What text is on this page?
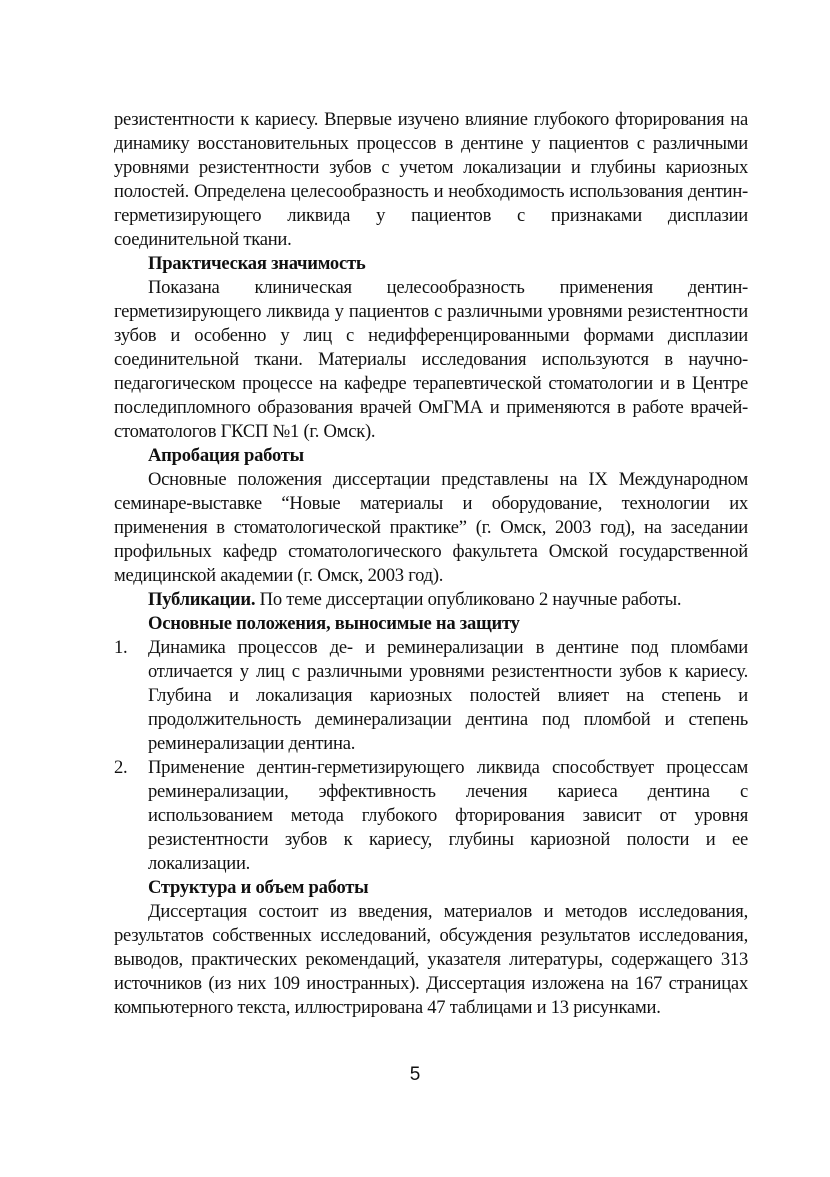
резистентности к кариесу. Впервые изучено влияние глубокого фторирования на динамику восстановительных процессов в дентине у пациентов с различными уровнями резистентности зубов с учетом локализации и глубины кариозных полостей. Определена целесообразность и необходимость использования дентин-герметизирующего ликвида у пациентов с признаками дисплазии соединительной ткани.

Практическая значимость

Показана клиническая целесообразность применения дентин-герметизирующего ликвида у пациентов с различными уровнями резистентности зубов и особенно у лиц с недифференцированными формами дисплазии соединительной ткани. Материалы исследования используются в научно-педагогическом процессе на кафедре терапевтической стоматологии и в Центре последипломного образования врачей ОмГМА и применяются в работе врачей-стоматологов ГКСП №1 (г. Омск).

Апробация работы

Основные положения диссертации представлены на IX Международном семинаре-выставке “Новые материалы и оборудование, технологии их применения в стоматологической практике” (г. Омск, 2003 год), на заседании профильных кафедр стоматологического факультета Омской государственной медицинской академии (г. Омск, 2003 год).

Публикации. По теме диссертации опубликовано 2 научные работы.

Основные положения, выносимые на защиту

1. Динамика процессов де- и реминерализации в дентине под пломбами отличается у лиц с различными уровнями резистентности зубов к кариесу. Глубина и локализация кариозных полостей влияет на степень и продолжительность деминерализации дентина под пломбой и степень реминерализации дентина.

2. Применение дентин-герметизирующего ликвида способствует процессам реминерализации, эффективность лечения кариеса дентина с использованием метода глубокого фторирования зависит от уровня резистентности зубов к кариесу, глубины кариозной полости и ее локализации.

Структура и объем работы

Диссертация состоит из введения, материалов и методов исследования, результатов собственных исследований, обсуждения результатов исследования, выводов, практических рекомендаций, указателя литературы, содержащего 313 источников (из них 109 иностранных). Диссертация изложена на 167 страницах компьютерного текста, иллюстрирована 47 таблицами и 13 рисунками.

5
